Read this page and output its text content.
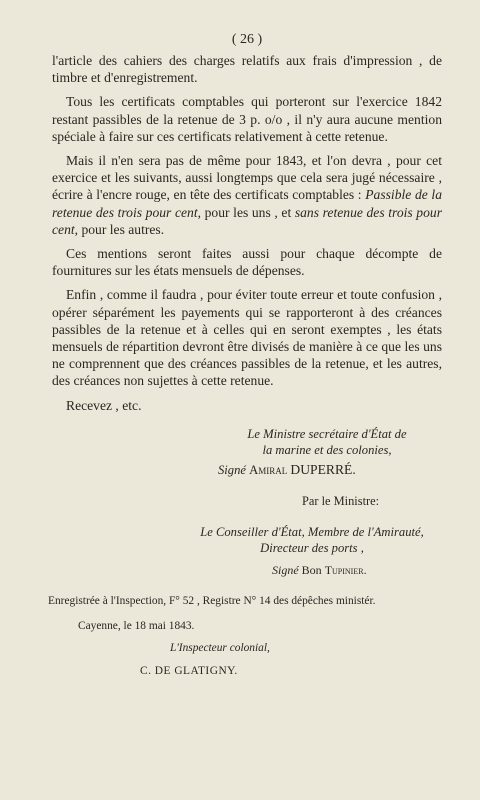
( 26 )

l'article des cahiers des charges relatifs aux frais d'impression , de timbre et d'enregistrement.

Tous les certificats comptables qui porteront sur l'exercice 1842 restant passibles de la retenue de 3 p. o/o , il n'y aura aucune mention spéciale à faire sur ces certificats relativement à cette retenue.

Mais il n'en sera pas de même pour 1843, et l'on devra , pour cet exercice et les suivants, aussi longtemps que cela sera jugé nécessaire , écrire à l'encre rouge, en tête des certificats comptables : Passible de la retenue des trois pour cent, pour les uns , et sans retenue des trois pour cent, pour les autres.

Ces mentions seront faites aussi pour chaque décompte de fournitures sur les états mensuels de dépenses.

Enfin , comme il faudra , pour éviter toute erreur et toute confusion , opérer séparément les payements qui se rapporteront à des créances passibles de la retenue et à celles qui en seront exemptes , les états mensuels de répartition devront être divisés de manière à ce que les uns ne comprennent que des créances passibles de la retenue, et les autres, des créances non sujettes à cette retenue.

Recevez , etc.

Le Ministre secrétaire d'État de
la marine et des colonies,
Signé Amiral DUPERRÉ.
Par le Ministre:
Le Conseiller d'État, Membre de l'Amirauté,
Directeur des ports ,
Signé Bon Tupinier.
Enregistrée à l'Inspection, F° 52 , Registre N° 14 des dépêches ministér.
Cayenne, le 18 mai 1843.
L'Inspecteur colonial,
C. DE GLATIGNY.
